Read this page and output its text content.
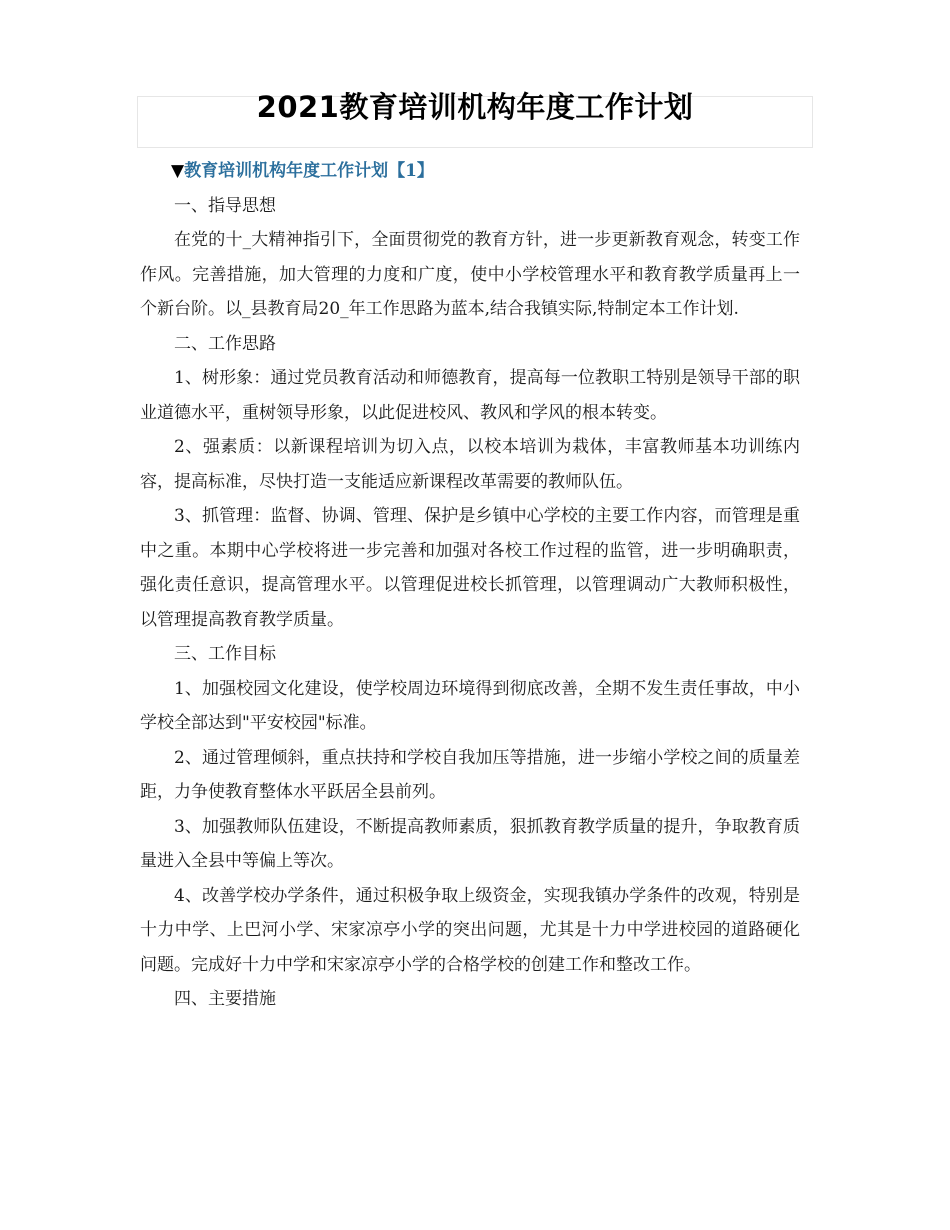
2021教育培训机构年度工作计划

▼教育培训机构年度工作计划【1】

一、指导思想

在党的十_大精神指引下，全面贯彻党的教育方针，进一步更新教育观念，转变工作作风。完善措施，加大管理的力度和广度，使中小学校管理水平和教育教学质量再上一个新台阶。以_县教育局20_年工作思路为蓝本,结合我镇实际,特制定本工作计划.

二、工作思路

1、树形象：通过党员教育活动和师德教育，提高每一位教职工特别是领导干部的职业道德水平，重树领导形象，以此促进校风、教风和学风的根本转变。

2、强素质：以新课程培训为切入点，以校本培训为栽体，丰富教师基本功训练内容，提高标准，尽快打造一支能适应新课程改革需要的教师队伍。

3、抓管理：监督、协调、管理、保护是乡镇中心学校的主要工作内容，而管理是重中之重。本期中心学校将进一步完善和加强对各校工作过程的监管，进一步明确职责，强化责任意识，提高管理水平。以管理促进校长抓管理，以管理调动广大教师积极性，以管理提高教育教学质量。

三、工作目标

1、加强校园文化建设，使学校周边环境得到彻底改善，全期不发生责任事故，中小学校全部达到"平安校园"标准。

2、通过管理倾斜，重点扶持和学校自我加压等措施，进一步缩小学校之间的质量差距，力争使教育整体水平跃居全县前列。

3、加强教师队伍建设，不断提高教师素质，狠抓教育教学质量的提升，争取教育质量进入全县中等偏上等次。

4、改善学校办学条件，通过积极争取上级资金，实现我镇办学条件的改观，特别是十力中学、上巴河小学、宋家凉亭小学的突出问题，尤其是十力中学进校园的道路硬化问题。完成好十力中学和宋家凉亭小学的合格学校的创建工作和整改工作。

四、主要措施
